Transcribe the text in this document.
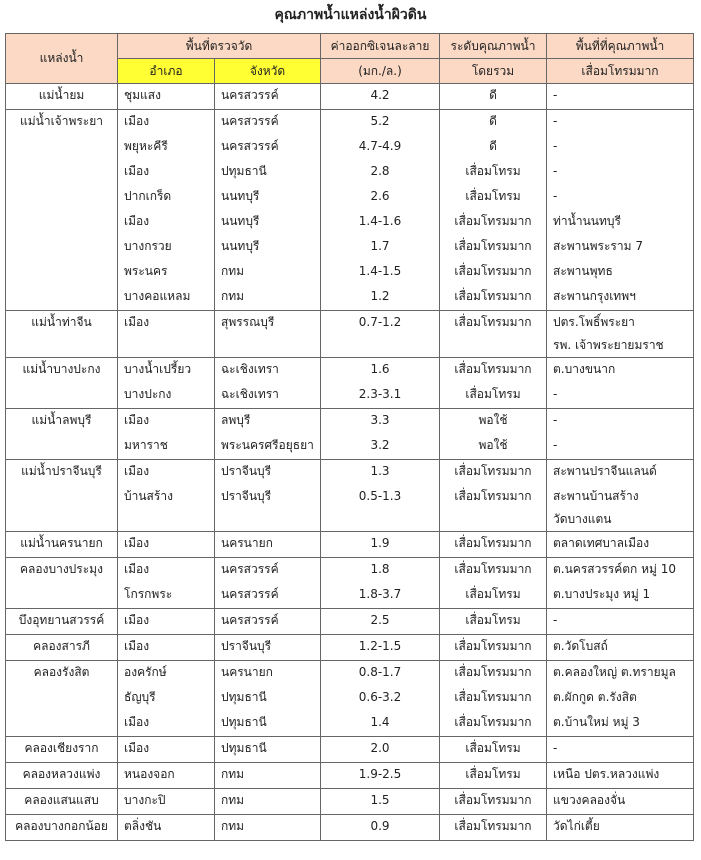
คุณภาพน้ำแหล่งน้ำผิวดิน
แหล่งน้ำ	พื้นที่ตรวจวัด		ค่าออกซิเจนละลาย	ระดับคุณภาพน้ำ	พื้นที่ที่คุณภาพน้ำ
	อำเภอ	จังหวัด	(มก./ล.)	โดยรวม	เสื่อมโทรมมาก

แม่น้ำยม	ชุมแสง	นครสวรรค์	4.2	ดี	-

แม่น้ำเจ้าพระยา	เมือง	นครสวรรค์	5.2	ดี	-

	พยุหะคีรี	นครสวรรค์	4.7-4.9	ดี	-

	เมือง	ปทุมธานี	2.8	เสื่อมโทรม	-

	ปากเกร็ด	นนทบุรี	2.6	เสื่อมโทรม	-

	เมือง	นนทบุรี	1.4-1.6	เสื่อมโทรมมาก	ท่าน้ำนนทบุรี

	บางกรวย	นนทบุรี	1.7	เสื่อมโทรมมาก	สะพานพระราม 7

	พระนคร	กทม	1.4-1.5	เสื่อมโทรมมาก	สะพานพุทธ

	บางคอแหลม	กทม	1.2	เสื่อมโทรมมาก	สะพานกรุงเทพฯ

แม่น้ำท่าจีน	เมือง	สุพรรณบุรี	0.7-1.2	เสื่อมโทรมมาก	ปตร.โพธิ์พระยา
รพ. เจ้าพระยายมราช

แม่น้ำบางปะกง	บางน้ำเปรี้ยว	ฉะเชิงเทรา	1.6	เสื่อมโทรมมาก	ต.บางขนาก

	บางปะกง	ฉะเชิงเทรา	2.3-3.1	เสื่อมโทรม	-

แม่น้ำลพบุรี	เมือง	ลพบุรี	3.3	พอใช้	-

	มหาราช	พระนครศรีอยุธยา	3.2	พอใช้	-

แม่น้ำปราจีนบุรี	เมือง	ปราจีนบุรี	1.3	เสื่อมโทรมมาก	สะพานปราจีนแลนด์

	บ้านสร้าง	ปราจีนบุรี	0.5-1.3	เสื่อมโทรมมาก	สะพานบ้านสร้าง
วัดบางแตน

แม่น้ำนครนายก	เมือง	นครนายก	1.9	เสื่อมโทรมมาก	ตลาดเทศบาลเมือง

คลองบางประมุง	เมือง	นครสวรรค์	1.8	เสื่อมโทรมมาก	ต.นครสวรรค์ตก หมู่ 10

	โกรกพระ	นครสวรรค์	1.8-3.7	เสื่อมโทรม	ต.บางประมุง หมู่ 1

บึงอุทยานสวรรค์	เมือง	นครสวรรค์	2.5	เสื่อมโทรม	-

คลองสารภี	เมือง	ปราจีนบุรี	1.2-1.5	เสื่อมโทรมมาก	ต.วัดโบสถ์

คลองรังสิต	องครักษ์	นครนายก	0.8-1.7	เสื่อมโทรมมาก	ต.คลองใหญ่ ต.ทรายมูล

	ธัญบุรี	ปทุมธานี	0.6-3.2	เสื่อมโทรมมาก	ต.ผักกูด ต.รังสิต

	เมือง	ปทุมธานี	1.4	เสื่อมโทรมมาก	ต.บ้านใหม่ หมู่ 3

คลองเชียงราก	เมือง	ปทุมธานี	2.0	เสื่อมโทรม	-

คลองหลวงแพ่ง	หนองจอก	กทม	1.9-2.5	เสื่อมโทรม	เหนือ ปตร.หลวงแพ่ง

คลองแสนแสบ	บางกะปิ	กทม	1.5	เสื่อมโทรมมาก	แขวงคลองจั่น

คลองบางกอกน้อย	ตลิ่งชัน	กทม	0.9	เสื่อมโทรมมาก	วัดไก่เตี้ย
